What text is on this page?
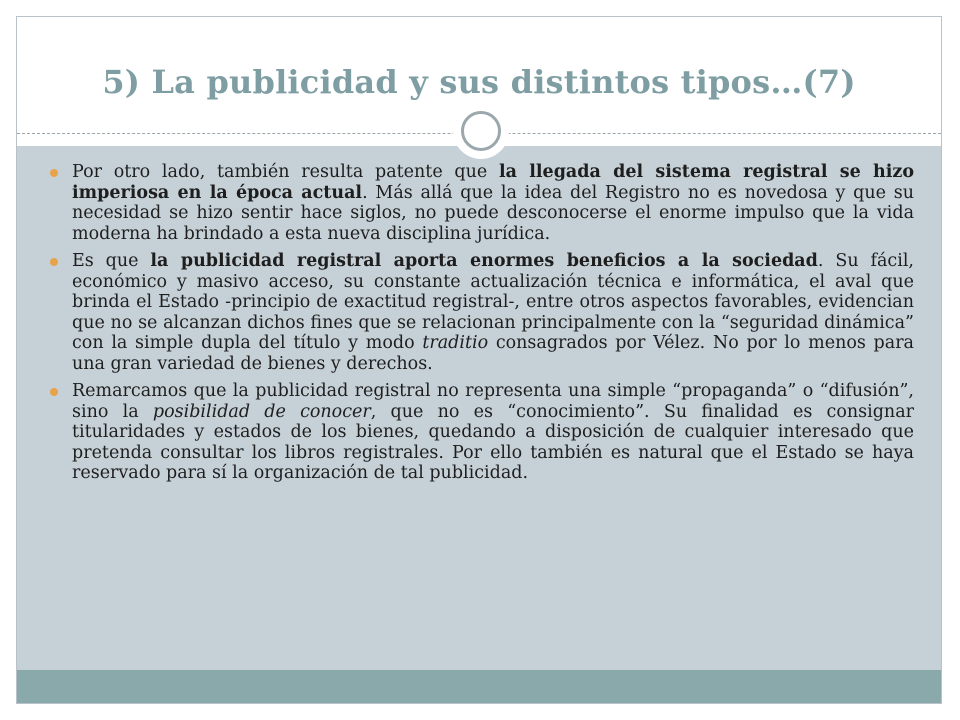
5) La publicidad y sus distintos tipos…(7)
Por otro lado, también resulta patente que la llegada del sistema registral se hizo imperiosa en la época actual. Más allá que la idea del Registro no es novedosa y que su necesidad se hizo sentir hace siglos, no puede desconocerse el enorme impulso que la vida moderna ha brindado a esta nueva disciplina jurídica.
Es que la publicidad registral aporta enormes beneficios a la sociedad. Su fácil, económico y masivo acceso, su constante actualización técnica e informática, el aval que brinda el Estado -principio de exactitud registral-, entre otros aspectos favorables, evidencian que no se alcanzan dichos fines que se relacionan principalmente con la “seguridad dinámica” con la simple dupla del título y modo traditio consagrados por Vélez. No por lo menos para una gran variedad de bienes y derechos.
Remarcamos que la publicidad registral no representa una simple “propaganda” o “difusión”, sino la posibilidad de conocer, que no es “conocimiento”. Su finalidad es consignar titularidades y estados de los bienes, quedando a disposición de cualquier interesado que pretenda consultar los libros registrales. Por ello también es natural que el Estado se haya reservado para sí la organización de tal publicidad.
